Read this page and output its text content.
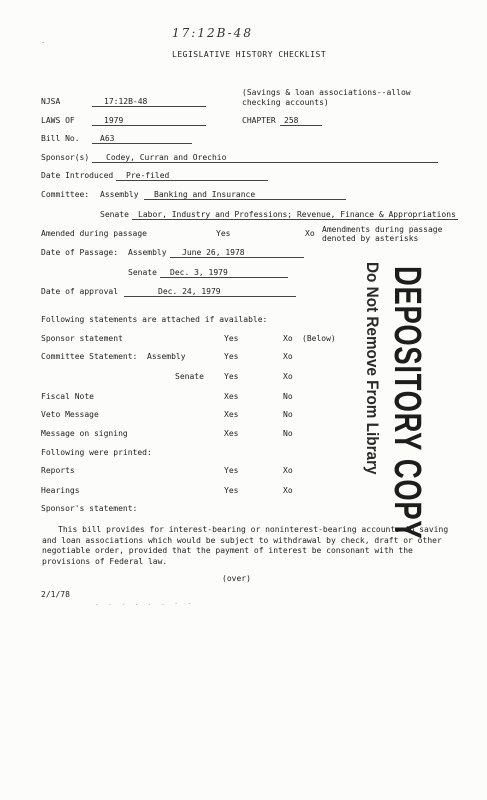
17:12B-48
LEGISLATIVE HISTORY CHECKLIST
·
NJSA	17:12B-48
(Savings & loan associations--allow checking accounts)
LAWS OF	1979	CHAPTER	258
Bill No.	A63
Sponsor(s)	Codey, Curran and Orechio
Date Introduced	Pre-filed
Committee: Assembly	Banking and Insurance
Senate	Labor, Industry and Professions; Revenue, Finance & Appropriations
Amended during passage	Yes	Xo Amendments during passage denoted by asterisks
Date of Passage: Assembly	June 26, 1978
Senate	Dec. 3, 1979
Date of approval	Dec. 24, 1979
Following statements are attached if available:
Sponsor statement	Yes	Xo (Below)
Committee Statement: Assembly	Yes	Xo
Senate	Yes	Xo
Fiscal Note	Xes	No
Veto Message	Xes	No
Message on signing	Xes	No
Following were printed:
Reports	Yes	Xo
Hearings	Yes	Xo
Sponsor's statement:
This bill provides for interest-bearing or noninterest-bearing accounts in saving and loan associations which would be subject to withdrawal by check, draft or other negotiable order, provided that the payment of interest be consonant with the provisions of Federal law.
(over)
2/1/78
. . . . . . - -
DEPOSITORY COPY
Do Not Remove From Library
